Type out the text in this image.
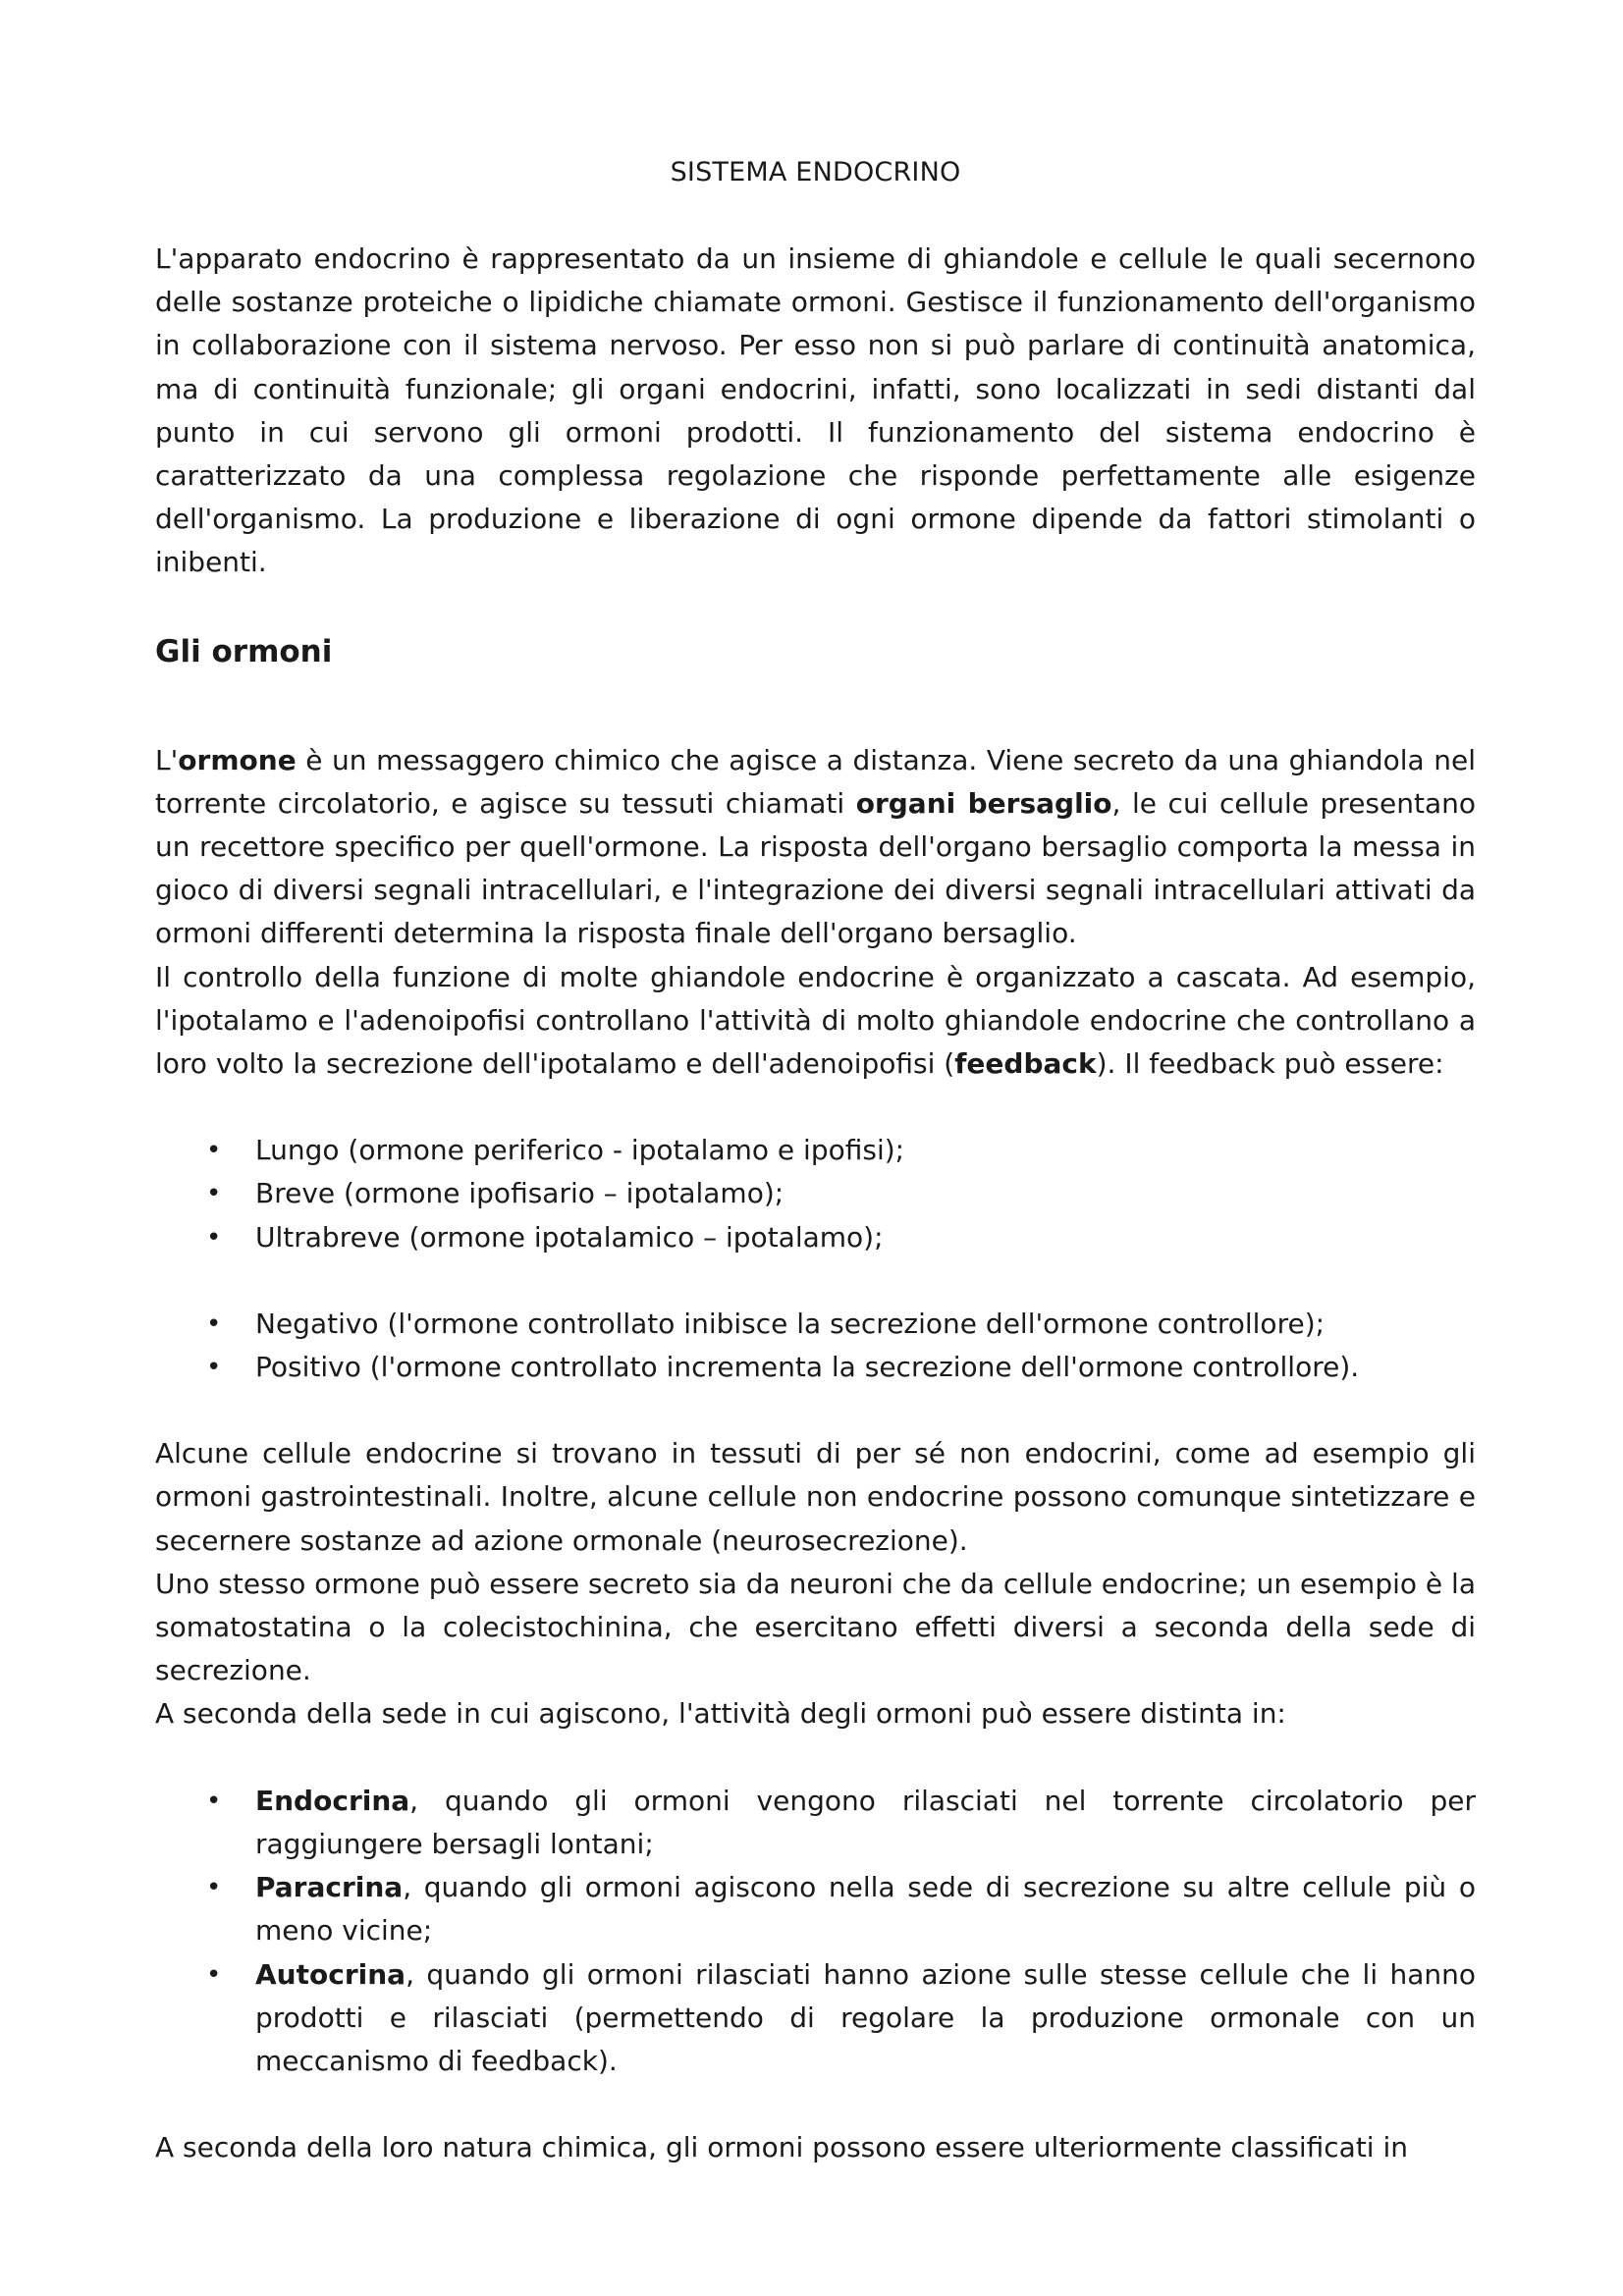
SISTEMA ENDOCRINO

L'apparato endocrino è rappresentato da un insieme di ghiandole e cellule le quali secernono delle sostanze proteiche o lipidiche chiamate ormoni. Gestisce il funzionamento dell'organismo in collaborazione con il sistema nervoso. Per esso non si può parlare di continuità anatomica, ma di continuità funzionale; gli organi endocrini, infatti, sono localizzati in sedi distanti dal punto in cui servono gli ormoni prodotti. Il funzionamento del sistema endocrino è caratterizzato da una complessa regolazione che risponde perfettamente alle esigenze dell'organismo. La produzione e liberazione di ogni ormone dipende da fattori stimolanti o inibenti.

Gli ormoni

L'ormone è un messaggero chimico che agisce a distanza. Viene secreto da una ghiandola nel torrente circolatorio, e agisce su tessuti chiamati organi bersaglio, le cui cellule presentano un recettore specifico per quell'ormone. La risposta dell'organo bersaglio comporta la messa in gioco di diversi segnali intracellulari, e l'integrazione dei diversi segnali intracellulari attivati da ormoni differenti determina la risposta finale dell'organo bersaglio.

Il controllo della funzione di molte ghiandole endocrine è organizzato a cascata. Ad esempio, l'ipotalamo e l'adenoipofisi controllano l'attività di molto ghiandole endocrine che controllano a loro volto la secrezione dell'ipotalamo e dell'adenoipofisi (feedback). Il feedback può essere:

• Lungo (ormone periferico - ipotalamo e ipofisi);
• Breve (ormone ipofisario – ipotalamo);
• Ultrabreve (ormone ipotalamico – ipotalamo);
• Negativo (l'ormone controllato inibisce la secrezione dell'ormone controllore);
• Positivo (l'ormone controllato incrementa la secrezione dell'ormone controllore).

Alcune cellule endocrine si trovano in tessuti di per sé non endocrini, come ad esempio gli ormoni gastrointestinali. Inoltre, alcune cellule non endocrine possono comunque sintetizzare e secernere sostanze ad azione ormonale (neurosecrezione).

Uno stesso ormone può essere secreto sia da neuroni che da cellule endocrine; un esempio è la somatostatina o la colecistochinina, che esercitano effetti diversi a seconda della sede di secrezione.

A seconda della sede in cui agiscono, l'attività degli ormoni può essere distinta in:

• Endocrina, quando gli ormoni vengono rilasciati nel torrente circolatorio per raggiungere bersagli lontani;
• Paracrina, quando gli ormoni agiscono nella sede di secrezione su altre cellule più o meno vicine;
• Autocrina, quando gli ormoni rilasciati hanno azione sulle stesse cellule che li hanno prodotti e rilasciati (permettendo di regolare la produzione ormonale con un meccanismo di feedback).

A seconda della loro natura chimica, gli ormoni possono essere ulteriormente classificati in
